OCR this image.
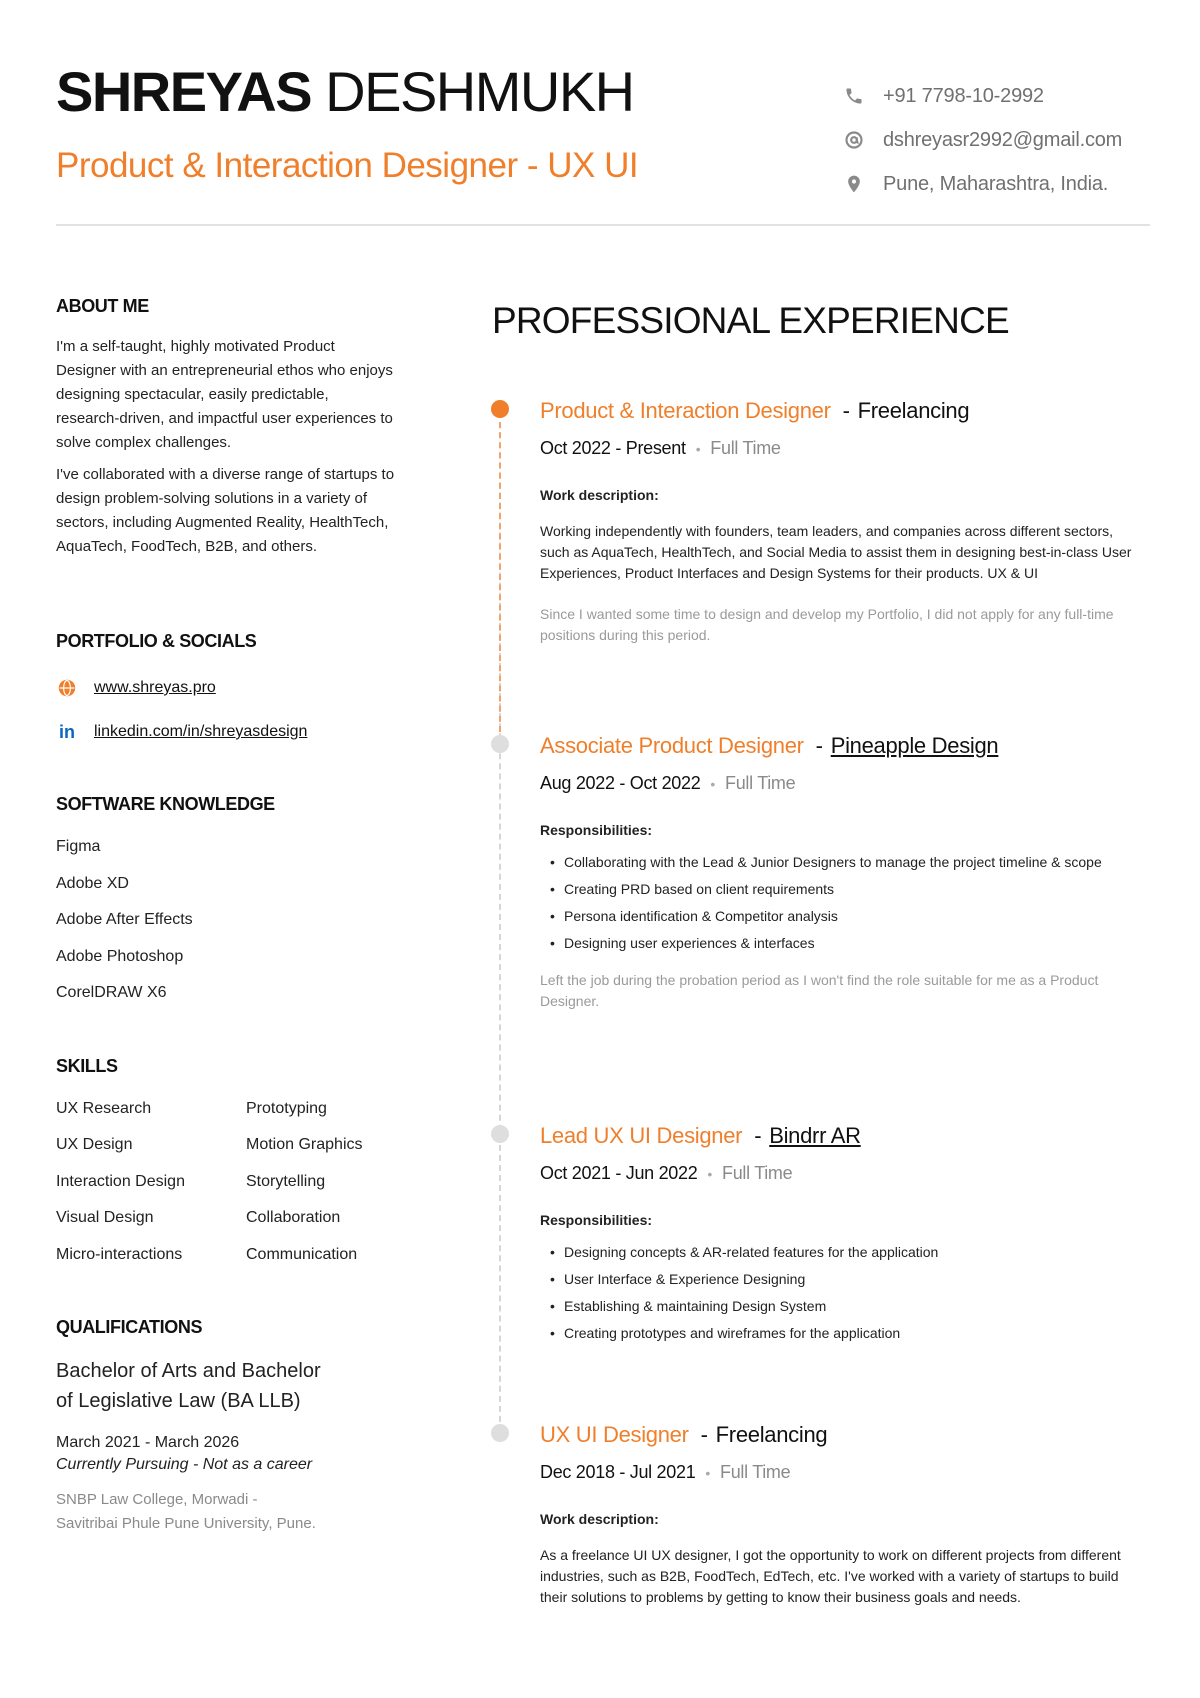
SHREYAS DESHMUKH
Product & Interaction Designer - UX UI
+91 7798-10-2992
dshreyasr2992@gmail.com
Pune, Maharashtra, India.
ABOUT ME

I'm a self-taught, highly motivated Product Designer with an entrepreneurial ethos who enjoys designing spectacular, easily predictable, research-driven, and impactful user experiences to solve complex challenges.

I've collaborated with a diverse range of startups to design problem-solving solutions in a variety of sectors, including Augmented Reality, HealthTech, AquaTech, FoodTech, B2B, and others.

PORTFOLIO & SOCIALS
www.shreyas.pro
in linkedin.com/in/shreyasdesign
SOFTWARE KNOWLEDGE
Figma
Adobe XD
Adobe After Effects
Adobe Photoshop
CorelDRAW X6
SKILLS
UX Research	Prototyping
UX Design	Motion Graphics
Interaction Design	Storytelling
Visual Design	Collaboration
Micro-interactions	Communication
QUALIFICATIONS
Bachelor of Arts and Bachelor
of Legislative Law (BA LLB)
March 2021 - March 2026
Currently Pursuing - Not as a career
SNBP Law College, Morwadi -
Savitribai Phule Pune University, Pune.
PROFESSIONAL EXPERIENCE
Product & Interaction Designer - Freelancing
Oct 2022 - Present • Full Time
Work description:
Working independently with founders, team leaders, and companies across different sectors, such as AquaTech, HealthTech, and Social Media to assist them in designing best-in-class User Experiences, Product Interfaces and Design Systems for their products. UX & UI
Since I wanted some time to design and develop my Portfolio, I did not apply for any full-time positions during this period.
Associate Product Designer - Pineapple Design
Aug 2022 - Oct 2022 • Full Time
Responsibilities:
• Collaborating with the Lead & Junior Designers to manage the project timeline & scope
• Creating PRD based on client requirements
• Persona identification & Competitor analysis
• Designing user experiences & interfaces
Left the job during the probation period as I won't find the role suitable for me as a Product Designer.
Lead UX UI Designer - Bindrr AR
Oct 2021 - Jun 2022 • Full Time
Responsibilities:
• Designing concepts & AR-related features for the application
• User Interface & Experience Designing
• Establishing & maintaining Design System
• Creating prototypes and wireframes for the application
UX UI Designer - Freelancing
Dec 2018 - Jul 2021 • Full Time
Work description:
As a freelance UI UX designer, I got the opportunity to work on different projects from different industries, such as B2B, FoodTech, EdTech, etc. I've worked with a variety of startups to build their solutions to problems by getting to know their business goals and needs.
